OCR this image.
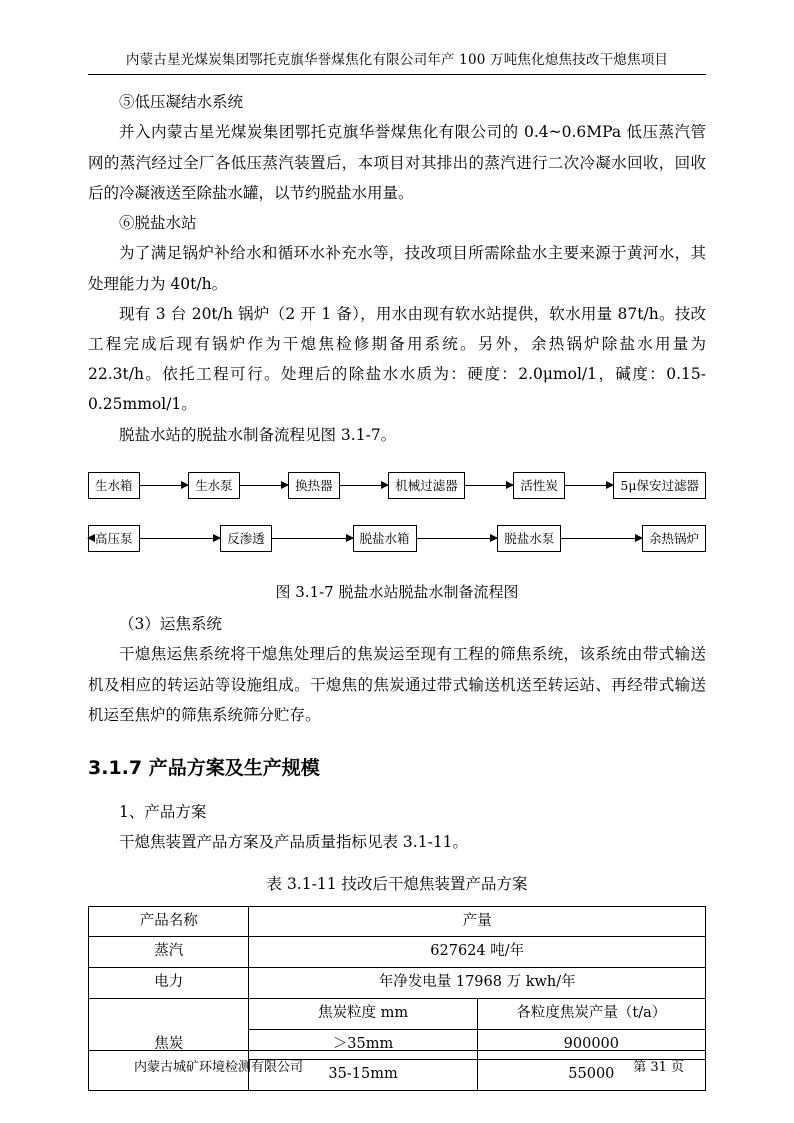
内蒙古星光煤炭集团鄂托克旗华誉煤焦化有限公司年产 100 万吨焦化熄焦技改干熄焦项目

⑤低压凝结水系统

并入内蒙古星光煤炭集团鄂托克旗华誉煤焦化有限公司的 0.4~0.6MPa 低压蒸汽管网的蒸汽经过全厂各低压蒸汽装置后，本项目对其排出的蒸汽进行二次冷凝水回收，回收后的冷凝液送至除盐水罐，以节约脱盐水用量。

⑥脱盐水站

为了满足锅炉补给水和循环水补充水等，技改项目所需除盐水主要来源于黄河水，其处理能力为 40t/h。

现有 3 台 20t/h 锅炉（2 开 1 备），用水由现有软水站提供，软水用量 87t/h。技改工程完成后现有锅炉作为干熄焦检修期备用系统。另外，余热锅炉除盐水用量为 22.3t/h。依托工程可行。处理后的除盐水水质为：硬度：2.0μmol/1，碱度：0.15-0.25mmol/1。

脱盐水站的脱盐水制备流程见图 3.1-7。

生水箱	生水泵	换热器	机械过滤器	活性炭	5μ保安过滤器
高压泵	反渗透	脱盐水箱	脱盐水泵	余热锅炉
图 3.1-7 脱盐水站脱盐水制备流程图

（3）运焦系统

干熄焦运焦系统将干熄焦处理后的焦炭运至现有工程的筛焦系统，该系统由带式输送机及相应的转运站等设施组成。干熄焦的焦炭通过带式输送机送至转运站、再经带式输送机运至焦炉的筛焦系统筛分贮存。

3.1.7 产品方案及生产规模

1、产品方案

干熄焦装置产品方案及产品质量指标见表 3.1-11。

表 3.1-11 技改后干熄焦装置产品方案
产品名称	产量	
蒸汽	627624 吨/年	
电力	年净发电量 17968 万 kwh/年	
焦炭	焦炭粒度 mm	各粒度焦炭产量（t/a）
	＞35mm	900000
	35-15mm	55000
内蒙古城矿环境检测有限公司	第 31 页
